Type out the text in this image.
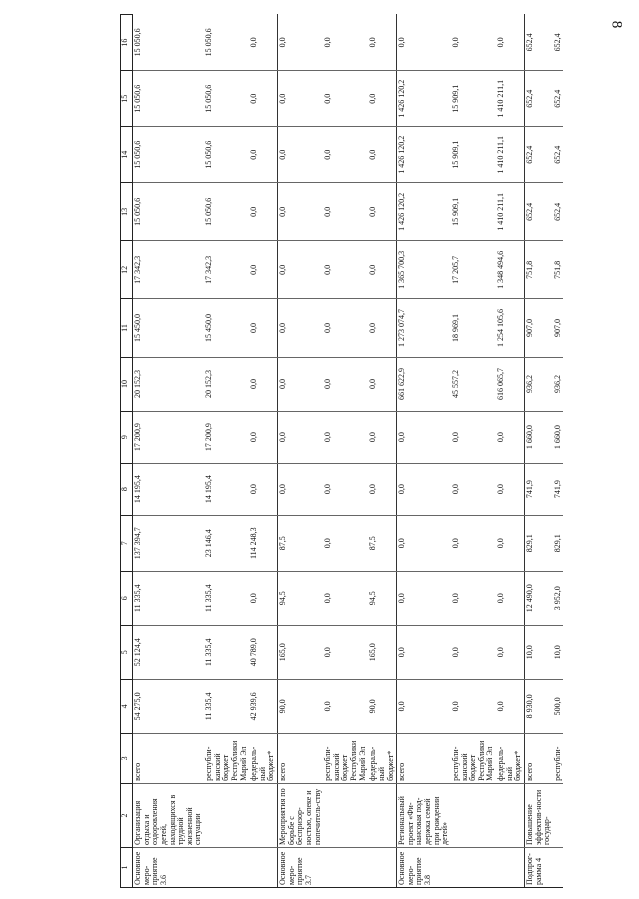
8
1	2	3	4	5	6	7	8	9	10	11	12	13	14	15	16
Основное меро-приятие 3.6	Организация отдыха и оздоровления детей, находящихся в трудной жизненной ситуации	всего	54 275,0	52 124,4	11 335,4	137 394,7	14 195,4	17 200,9	20 152,3	15 450,0	17 342,3	15 050,6	15 050,6	15 050,6	15 050,6
		республи-канский бюджет Республики Марий Эл	11 335,4	11 335,4	11 335,4	23 146,4	14 195,4	17 200,9	20 152,3	15 450,0	17 342,3	15 050,6	15 050,6	15 050,6	15 050,6
		федераль-ный бюджет*	42 939,6	40 789,0	0,0	114 248,3	0,0	0,0	0,0	0,0	0,0	0,0	0,0	0,0	0,0
Основное меро-приятие 3.7	Мероприятия по борьбе с беспризор-ностью, опеке и попечитель-ству	всего	90,0	165,0	94,5	87,5	0,0	0,0	0,0	0,0	0,0	0,0	0,0	0,0	0,0
		республи-канский бюджет Республики Марий Эл	0,0	0,0	0,0	0,0	0,0	0,0	0,0	0,0	0,0	0,0	0,0	0,0	0,0
		федераль-ный бюджет*	90,0	165,0	94,5	87,5	0,0	0,0	0,0	0,0	0,0	0,0	0,0	0,0	0,0
Основное меро-приятие 3.8	Региональный проект «Фи-нансовая под-держка семей при рождении детей»	всего	0,0	0,0	0,0	0,0	0,0	0,0	661 622,9	1 273 074,7	1 365 700,3	1 426 120,2	1 426 120,2	1 426 120,2	0,0
		республи-канский бюджет Республики Марий Эл	0,0	0,0	0,0	0,0	0,0	0,0	45 557,2	18 969,1	17 205,7	15 909,1	15 909,1	15 909,1	0,0
		федераль-ный бюджет*	0,0	0,0	0,0	0,0	0,0	0,0	616 065,7	1 254 105,6	1 348 494,6	1 410 211,1	1 410 211,1	1 410 211,1	0,0
Подпрог-рамма 4	Повышение эффектив-ности государ-	всего	8 930,0	10,0	12 490,0	829,1	741,9	1 660,0	936,2	907,0	751,8	652,4	652,4	652,4	652,4
		республи-	500,0	10,0	3 952,0	829,1	741,9	1 660,0	936,2	907,0	751,8	652,4	652,4	652,4	652,4
